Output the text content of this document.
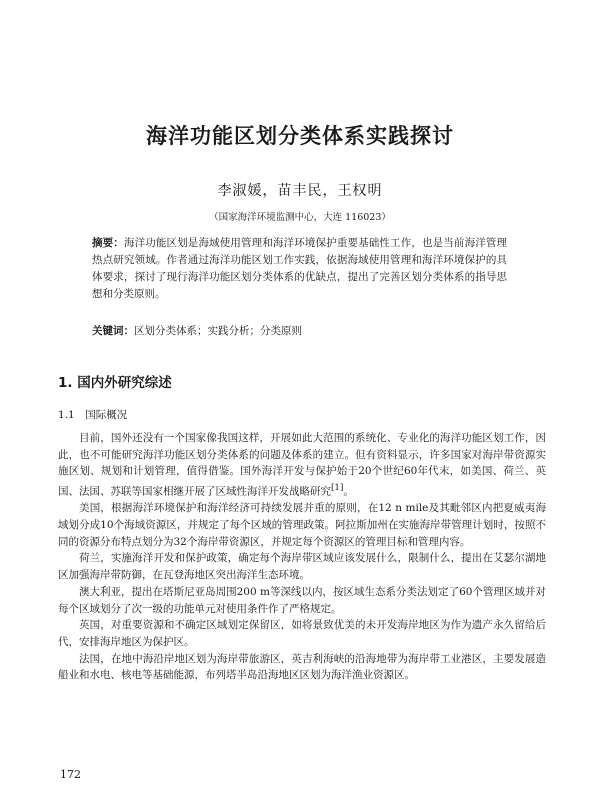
海洋功能区划分类体系实践探讨
李淑媛，苗丰民，王权明
（国家海洋环境监测中心，大连 116023）

摘要：海洋功能区划是海域使用管理和海洋环境保护重要基础性工作，也是当前海洋管理热点研究领域。作者通过海洋功能区划工作实践，依据海域使用管理和海洋环境保护的具体要求，探讨了现行海洋功能区划分类体系的优缺点，提出了完善区划分类体系的指导思想和分类原则。

关键词：区划分类体系；实践分析；分类原则

1. 国内外研究综述
1.1　国际概况

目前，国外还没有一个国家像我国这样，开展如此大范围的系统化、专业化的海洋功能区划工作，因此，也不可能研究海洋功能区划分类体系的问题及体系的建立。但有资料显示，许多国家对海岸带资源实施区划、规划和计划管理，值得借鉴。国外海洋开发与保护始于20个世纪60年代末，如美国、荷兰、英国、法国、苏联等国家相继开展了区域性海洋开发战略研究[1]。

美国，根据海洋环境保护和海洋经济可持续发展并重的原则，在12 n mile及其毗邻区内把夏威夷海域划分成10个海域资源区，并规定了每个区域的管理政策。阿拉斯加州在实施海岸带管理计划时，按照不同的资源分布特点划分为32个海岸带资源区，并规定每个资源区的管理目标和管理内容。

荷兰，实施海洋开发和保护政策，确定每个海岸带区域应该发展什么，限制什么，提出在艾瑟尔湖地区加强海岸带防御，在瓦登海地区突出海洋生态环境。

澳大利亚，提出在塔斯尼亚岛周围200 m等深线以内，按区域生态系分类法划定了60个管理区域并对每个区域划分了次一级的功能单元对使用条件作了严格规定。

英国，对重要资源和不确定区域划定保留区，如将景致优美的未开发海岸地区为作为遗产永久留给后代，安排海岸地区为保护区。

法国，在地中海沿岸地区划为海岸带旅游区，英吉利海峡的沿海地带为海岸带工业港区，主要发展造船业和水电、核电等基础能源，布列塔半岛沿海地区区划为海洋渔业资源区。

172
